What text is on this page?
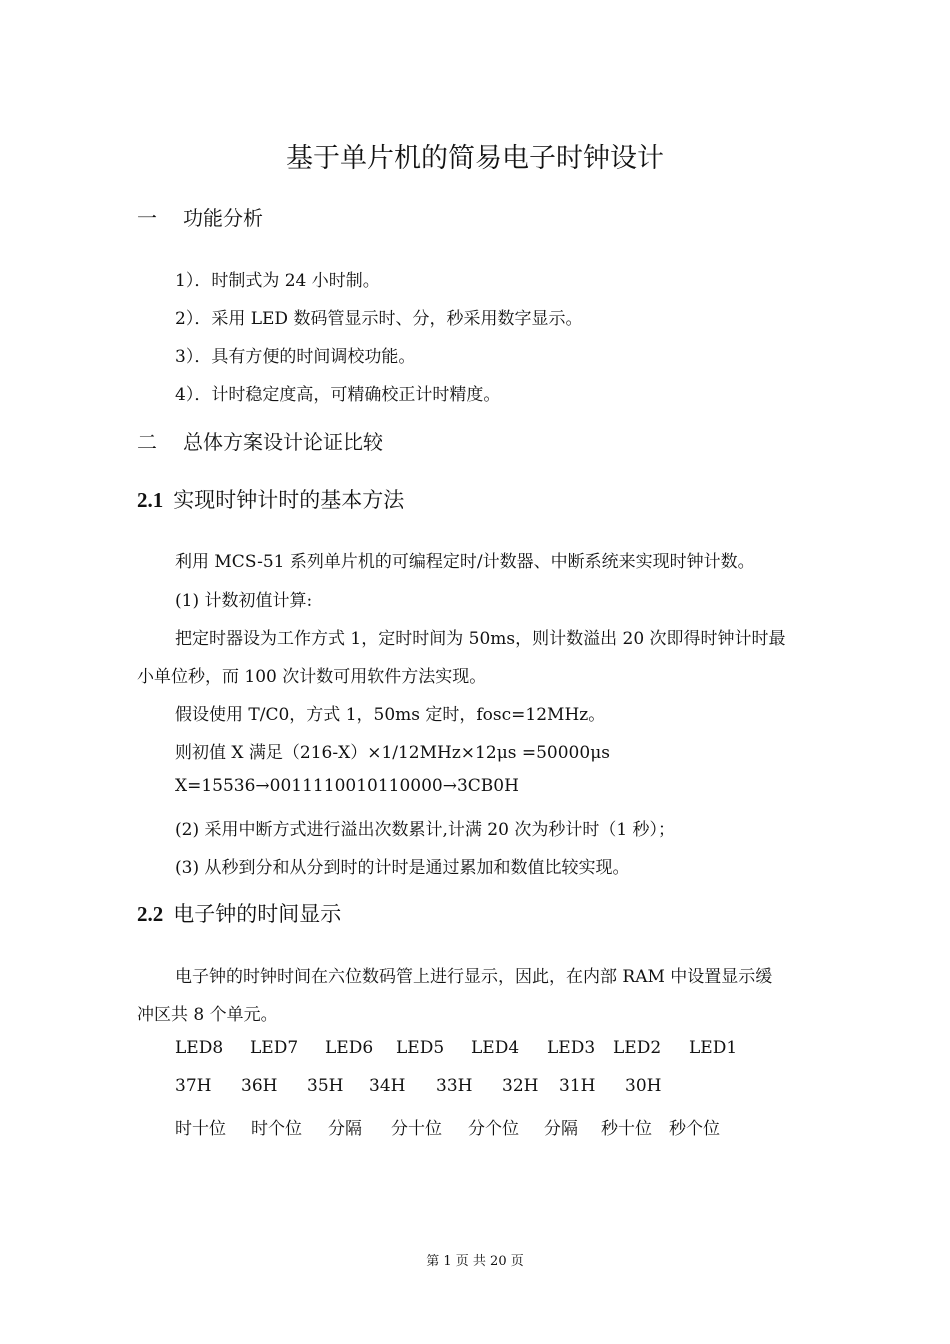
基于单片机的简易电子时钟设计
一 功能分析
1）．时制式为 24 小时制。
2）．采用 LED 数码管显示时、分，秒采用数字显示。
3）．具有方便的时间调校功能。
4）．计时稳定度高，可精确校正计时精度。
二 总体方案设计论证比较
2.1 实现时钟计时的基本方法
利用 MCS-51 系列单片机的可编程定时/计数器、中断系统来实现时钟计数。
(1) 计数初值计算:
把定时器设为工作方式 1，定时时间为 50ms，则计数溢出 20 次即得时钟计时最
小单位秒，而 100 次计数可用软件方法实现。
假设使用 T/C0，方式 1，50ms 定时，fosc=12MHz。
则初值 X 满足（216-X）×1/12MHz×12μs =50000μs
X=15536→0011110010110000→3CB0H
(2) 采用中断方式进行溢出次数累计,计满 20 次为秒计时（1 秒）；
(3) 从秒到分和从分到时的计时是通过累加和数值比较实现。
2.2 电子钟的时间显示
电子钟的时钟时间在六位数码管上进行显示，因此，在内部 RAM 中设置显示缓
冲区共 8 个单元。
LED8 LED7 LED6 LED5 LED4 LED3 LED2 LED1
37H 36H 35H 34H 33H 32H 31H 30H
时十位 时个位 分隔 分十位 分个位 分隔 秒十位 秒个位
第 1 页 共 20 页
